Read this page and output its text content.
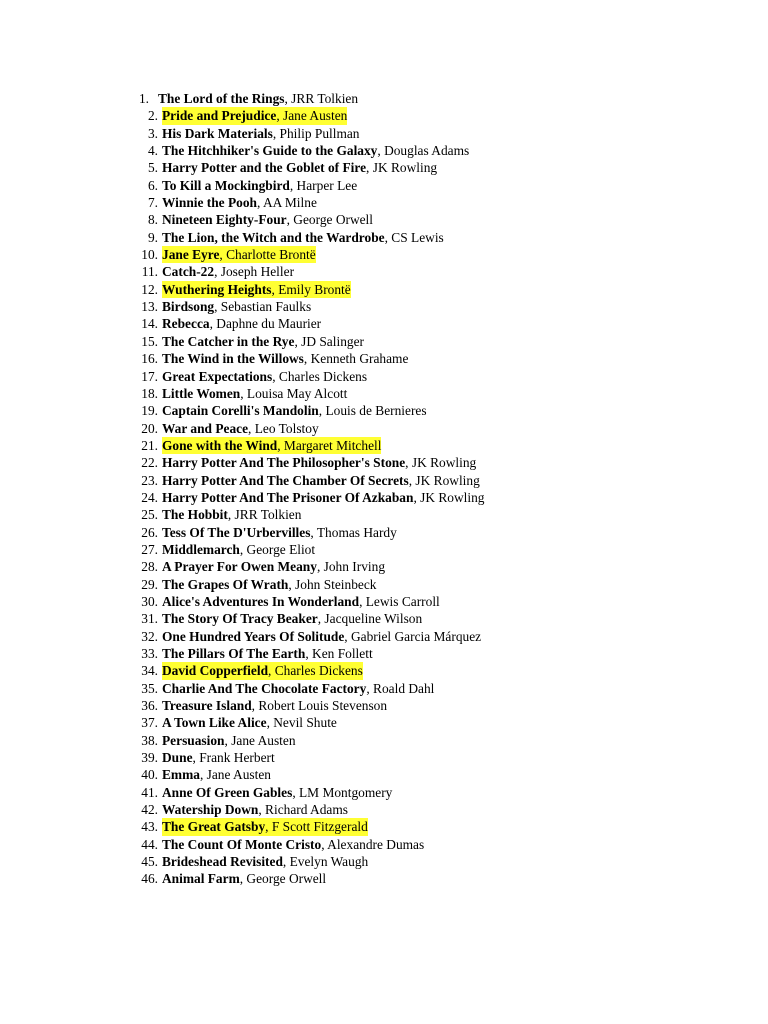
1. The Lord of the Rings, JRR Tolkien
2. Pride and Prejudice, Jane Austen
3. His Dark Materials, Philip Pullman
4. The Hitchhiker's Guide to the Galaxy, Douglas Adams
5. Harry Potter and the Goblet of Fire, JK Rowling
6. To Kill a Mockingbird, Harper Lee
7. Winnie the Pooh, AA Milne
8. Nineteen Eighty-Four, George Orwell
9. The Lion, the Witch and the Wardrobe, CS Lewis
10. Jane Eyre, Charlotte Brontë
11. Catch-22, Joseph Heller
12. Wuthering Heights, Emily Brontë
13. Birdsong, Sebastian Faulks
14. Rebecca, Daphne du Maurier
15. The Catcher in the Rye, JD Salinger
16. The Wind in the Willows, Kenneth Grahame
17. Great Expectations, Charles Dickens
18. Little Women, Louisa May Alcott
19. Captain Corelli's Mandolin, Louis de Bernieres
20. War and Peace, Leo Tolstoy
21. Gone with the Wind, Margaret Mitchell
22. Harry Potter And The Philosopher's Stone, JK Rowling
23. Harry Potter And The Chamber Of Secrets, JK Rowling
24. Harry Potter And The Prisoner Of Azkaban, JK Rowling
25. The Hobbit, JRR Tolkien
26. Tess Of The D'Urbervilles, Thomas Hardy
27. Middlemarch, George Eliot
28. A Prayer For Owen Meany, John Irving
29. The Grapes Of Wrath, John Steinbeck
30. Alice's Adventures In Wonderland, Lewis Carroll
31. The Story Of Tracy Beaker, Jacqueline Wilson
32. One Hundred Years Of Solitude, Gabriel Garcia Márquez
33. The Pillars Of The Earth, Ken Follett
34. David Copperfield, Charles Dickens
35. Charlie And The Chocolate Factory, Roald Dahl
36. Treasure Island, Robert Louis Stevenson
37. A Town Like Alice, Nevil Shute
38. Persuasion, Jane Austen
39. Dune, Frank Herbert
40. Emma, Jane Austen
41. Anne Of Green Gables, LM Montgomery
42. Watership Down, Richard Adams
43. The Great Gatsby, F Scott Fitzgerald
44. The Count Of Monte Cristo, Alexandre Dumas
45. Brideshead Revisited, Evelyn Waugh
46. Animal Farm, George Orwell
